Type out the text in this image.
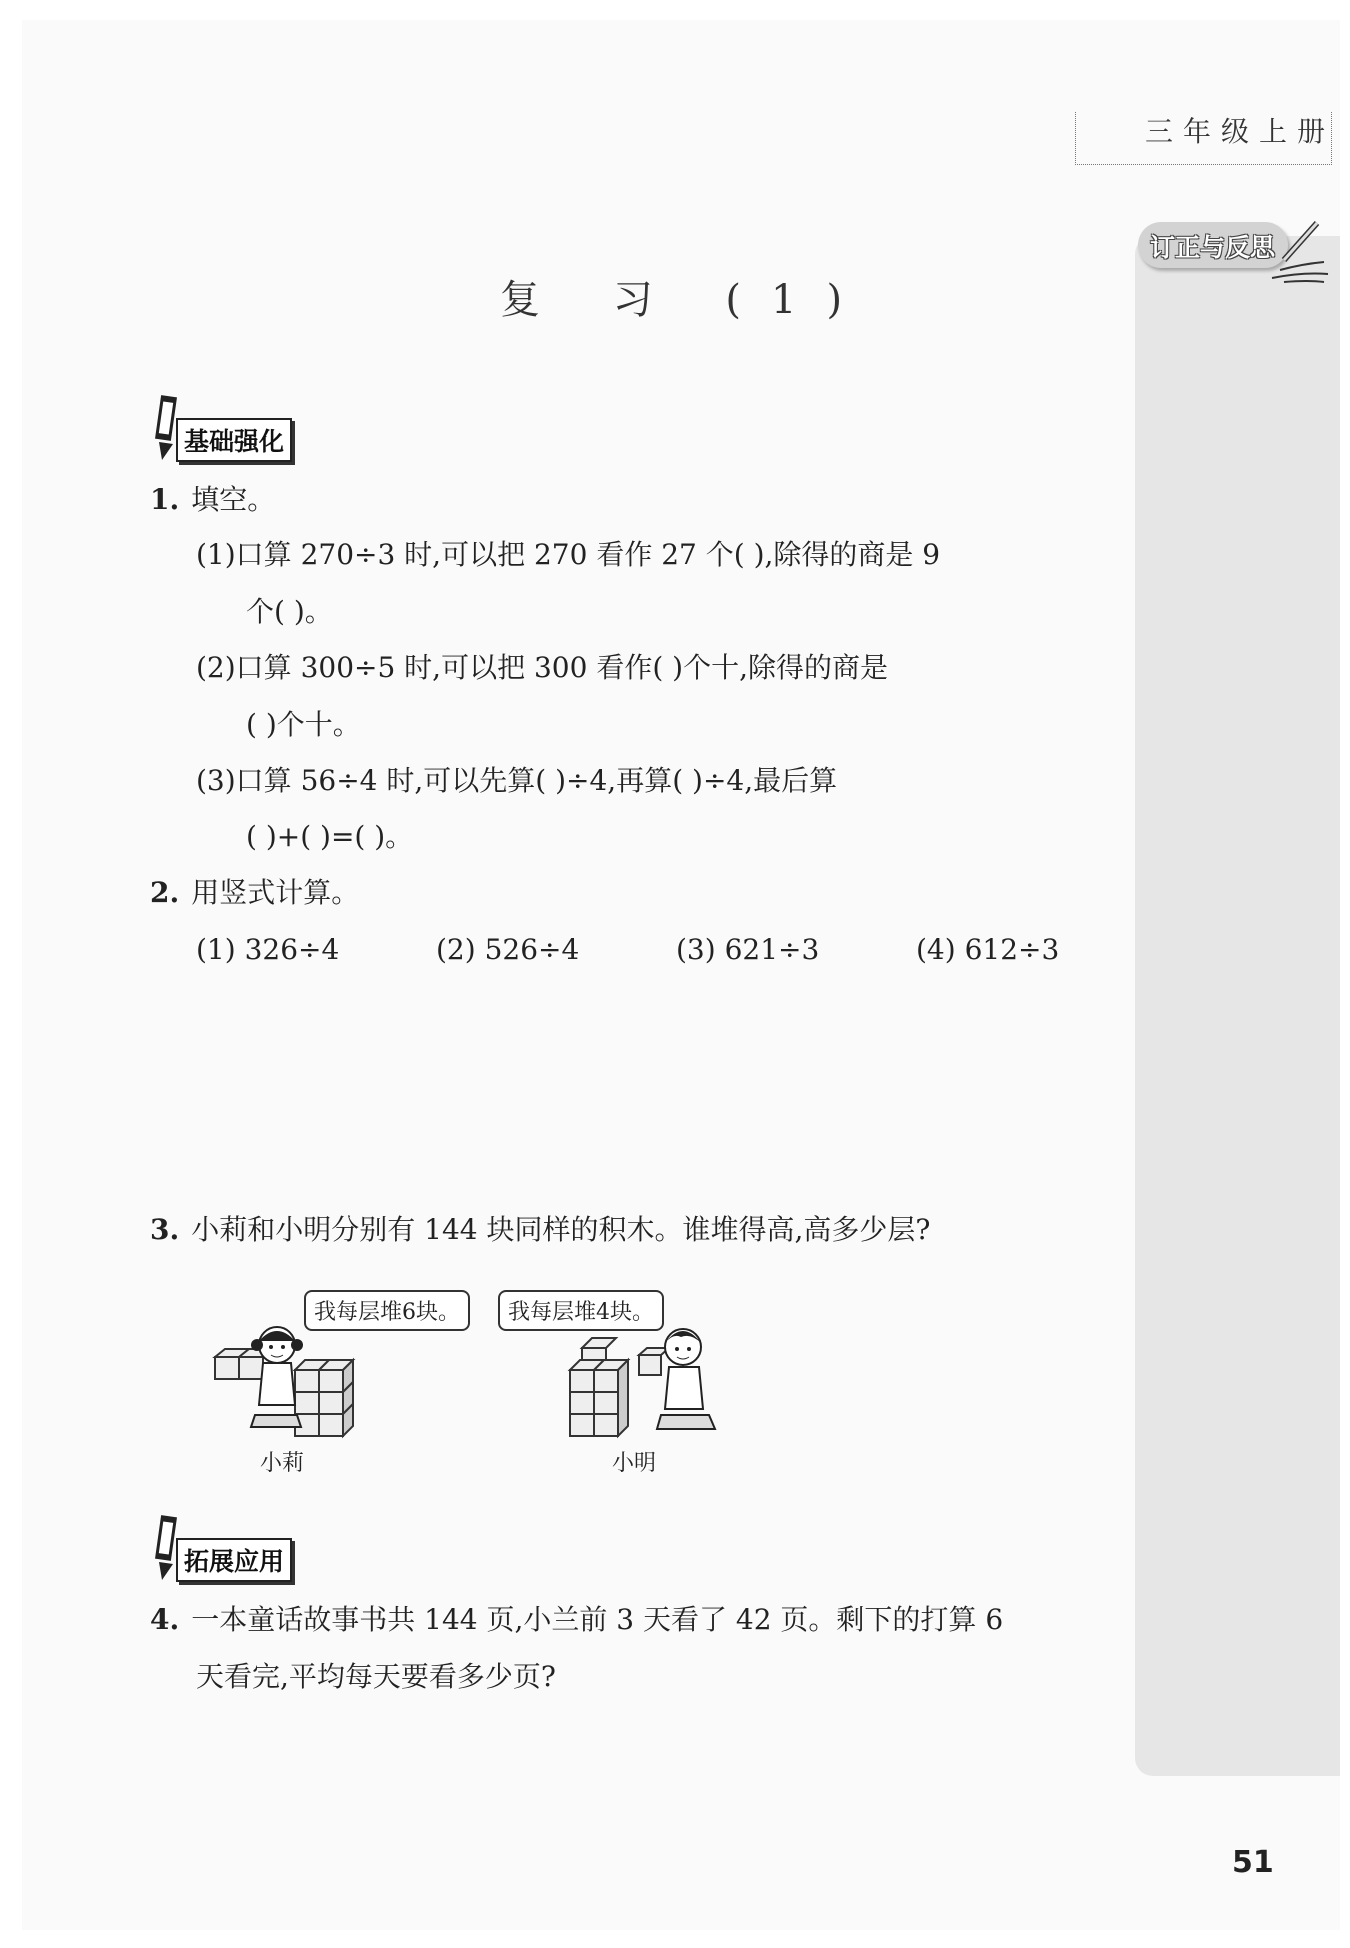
三年级上册
订正与反思
复 习 (1)
基础强化
1. 填空。
(1)口算 270÷3 时,可以把 270 看作 27 个( ),除得的商是 9
个( )。
(2)口算 300÷5 时,可以把 300 看作( )个十,除得的商是
( )个十。
(3)口算 56÷4 时,可以先算( )÷4,再算( )÷4,最后算
( )+( )=( )。
2. 用竖式计算。
(1) 326÷4	(2) 526÷4	(3) 621÷3	(4) 612÷3
3. 小莉和小明分别有 144 块同样的积木。谁堆得高,高多少层?
我每层堆6块。	我每层堆4块。
小莉	小明
拓展应用
4. 一本童话故事书共 144 页,小兰前 3 天看了 42 页。剩下的打算 6
天看完,平均每天要看多少页?
51
